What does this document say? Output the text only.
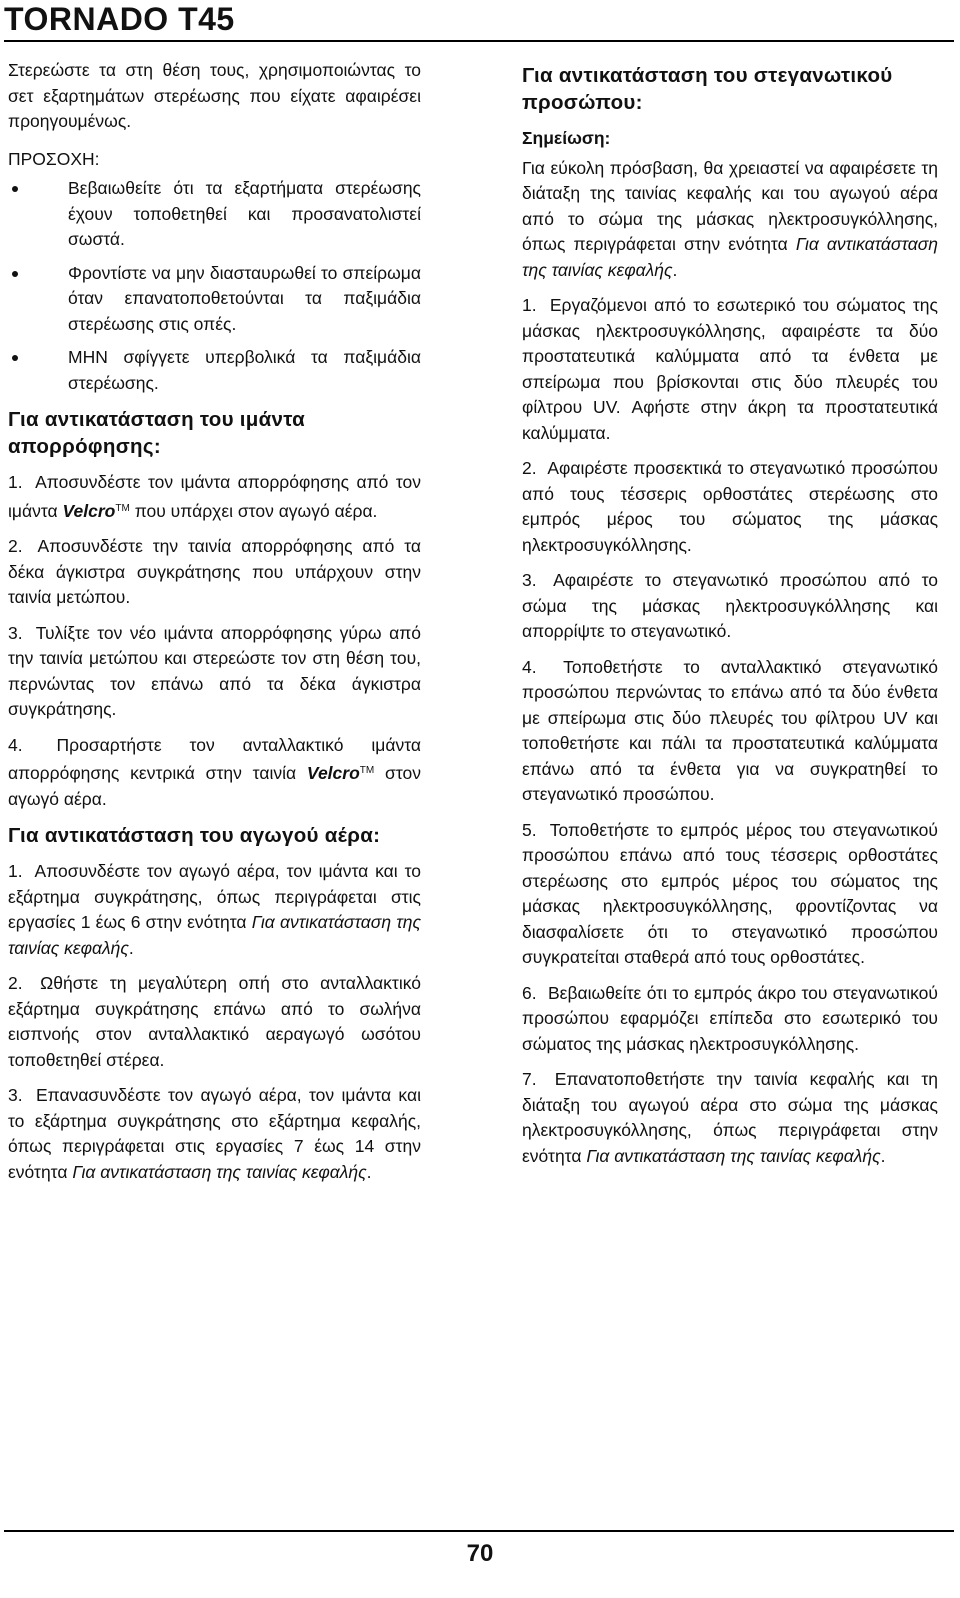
TORNADO T45

Στερεώστε τα στη θέση τους, χρησιμοποιώντας το σετ εξαρτημάτων στερέωσης που είχατε αφαιρέσει προηγουμένως.

ΠΡΟΣΟΧΗ:

Βεβαιωθείτε ότι τα εξαρτήματα στερέωσης έχουν τοποθετηθεί και προσανατολιστεί σωστά.
Φροντίστε να μην διασταυρωθεί το σπείρωμα όταν επανατοποθετούνται τα παξιμάδια στερέωσης στις οπές.
ΜΗΝ σφίγγετε υπερβολικά τα παξιμάδια στερέωσης.
Για αντικατάσταση του ιμάντα απορρόφησης:

1. Αποσυνδέστε τον ιμάντα απορρόφησης από τον ιμάντα Velcro™ που υπάρχει στον αγωγό αέρα.

2. Αποσυνδέστε την ταινία απορρόφησης από τα δέκα άγκιστρα συγκράτησης που υπάρχουν στην ταινία μετώπου.

3. Τυλίξτε τον νέο ιμάντα απορρόφησης γύρω από την ταινία μετώπου και στερεώστε τον στη θέση του, περνώντας τον επάνω από τα δέκα άγκιστρα συγκράτησης.

4. Προσαρτήστε τον ανταλλακτικό ιμάντα απορρόφησης κεντρικά στην ταινία Velcro™ στον αγωγό αέρα.

Για αντικατάσταση του αγωγού αέρα:

1. Αποσυνδέστε τον αγωγό αέρα, τον ιμάντα και το εξάρτημα συγκράτησης, όπως περιγράφεται στις εργασίες 1 έως 6 στην ενότητα Για αντικατάσταση της ταινίας κεφαλής.

2. Ωθήστε τη μεγαλύτερη οπή στο ανταλλακτικό εξάρτημα συγκράτησης επάνω από το σωλήνα εισπνοής στον ανταλλακτικό αεραγωγό ωσότου τοποθετηθεί στέρεα.

3. Επανασυνδέστε τον αγωγό αέρα, τον ιμάντα και το εξάρτημα συγκράτησης στο εξάρτημα κεφαλής, όπως περιγράφεται στις εργασίες 7 έως 14 στην ενότητα Για αντικατάσταση της ταινίας κεφαλής.

Για αντικατάσταση του στεγανωτικού προσώπου:

Σημείωση:

Για εύκολη πρόσβαση, θα χρειαστεί να αφαιρέσετε τη διάταξη της ταινίας κεφαλής και του αγωγού αέρα από το σώμα της μάσκας ηλεκτροσυγκόλλησης, όπως περιγράφεται στην ενότητα Για αντικατάσταση της ταινίας κεφαλής.

1. Εργαζόμενοι από το εσωτερικό του σώματος της μάσκας ηλεκτροσυγκόλλησης, αφαιρέστε τα δύο προστατευτικά καλύμματα από τα ένθετα με σπείρωμα που βρίσκονται στις δύο πλευρές του φίλτρου UV. Αφήστε στην άκρη τα προστατευτικά καλύμματα.

2. Αφαιρέστε προσεκτικά το στεγανωτικό προσώπου από τους τέσσερις ορθοστάτες στερέωσης στο εμπρός μέρος του σώματος της μάσκας ηλεκτροσυγκόλλησης.

3. Αφαιρέστε το στεγανωτικό προσώπου από το σώμα της μάσκας ηλεκτροσυγκόλλησης και απορρίψτε το στεγανωτικό.

4. Τοποθετήστε το ανταλλακτικό στεγανωτικό προσώπου περνώντας το επάνω από τα δύο ένθετα με σπείρωμα στις δύο πλευρές του φίλτρου UV και τοποθετήστε και πάλι τα προστατευτικά καλύμματα επάνω από τα ένθετα για να συγκρατηθεί το στεγανωτικό προσώπου.

5. Τοποθετήστε το εμπρός μέρος του στεγανωτικού προσώπου επάνω από τους τέσσερις ορθοστάτες στερέωσης στο εμπρός μέρος του σώματος της μάσκας ηλεκτροσυγκόλλησης, φροντίζοντας να διασφαλίσετε ότι το στεγανωτικό προσώπου συγκρατείται σταθερά από τους ορθοστάτες.

6. Βεβαιωθείτε ότι το εμπρός άκρο του στεγανωτικού προσώπου εφαρμόζει επίπεδα στο εσωτερικό του σώματος της μάσκας ηλεκτροσυγκόλλησης.

7. Επανατοποθετήστε την ταινία κεφαλής και τη διάταξη του αγωγού αέρα στο σώμα της μάσκας ηλεκτροσυγκόλλησης, όπως περιγράφεται στην ενότητα Για αντικατάσταση της ταινίας κεφαλής.

70
